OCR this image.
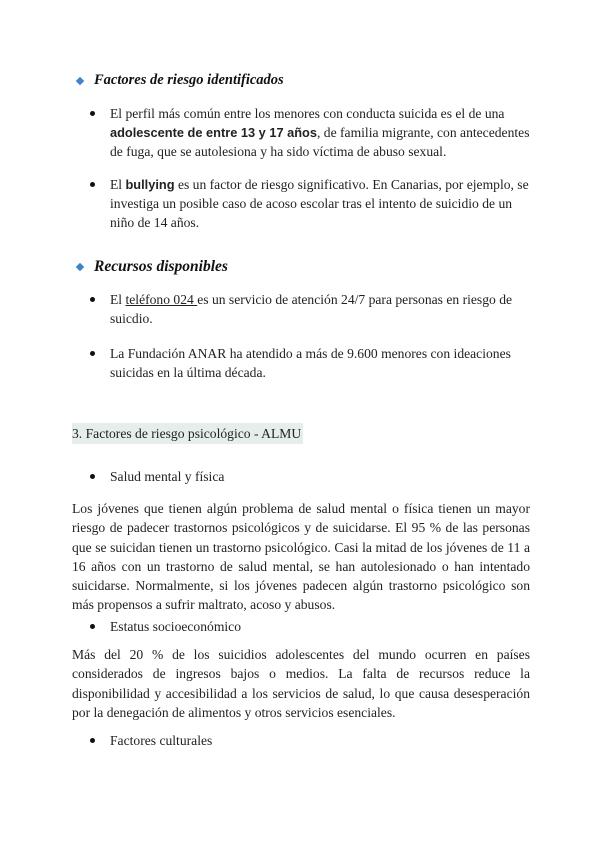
Factores de riesgo identificados
El perfil más común entre los menores con conducta suicida es el de una adolescente de entre 13 y 17 años, de familia migrante, con antecedentes de fuga, que se autolesiona y ha sido víctima de abuso sexual.
El bullying es un factor de riesgo significativo. En Canarias, por ejemplo, se investiga un posible caso de acoso escolar tras el intento de suicidio de un niño de 14 años.
Recursos disponibles
El teléfono 024 es un servicio de atención 24/7 para personas en riesgo de suicdio.
La Fundación ANAR ha atendido a más de 9.600 menores con ideaciones suicidas en la última década.
3. Factores de riesgo psicológico - ALMU
Salud mental y física
Los jóvenes que tienen algún problema de salud mental o física tienen un mayor riesgo de padecer trastornos psicológicos y de suicidarse. El 95 % de las personas que se suicidan tienen un trastorno psicológico. Casi la mitad de los jóvenes de 11 a 16 años con un trastorno de salud mental, se han autolesionado o han intentado suicidarse. Normalmente, si los jóvenes padecen algún trastorno psicológico son más propensos a sufrir maltrato, acoso y abusos.
Estatus socioeconómico
Más del 20 % de los suicidios adolescentes del mundo ocurren en países considerados de ingresos bajos o medios. La falta de recursos reduce la disponibilidad y accesibilidad a los servicios de salud, lo que causa desesperación por la denegación de alimentos y otros servicios esenciales.
Factores culturales
